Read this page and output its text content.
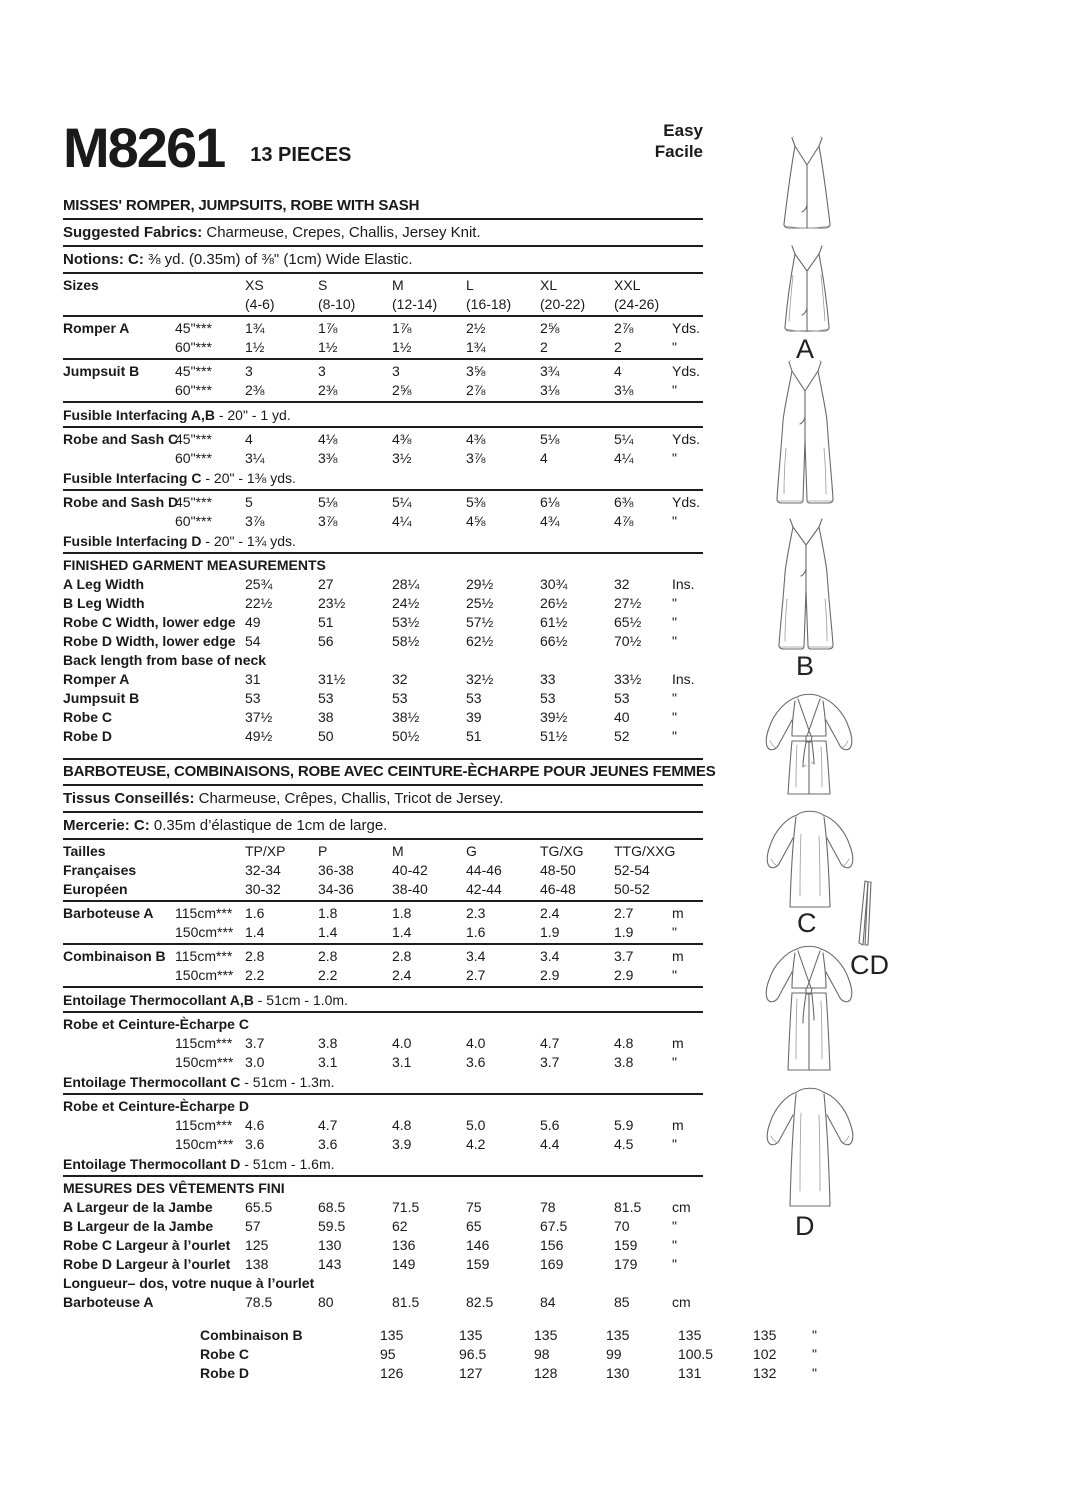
M8261 13 PIECES
Easy
Facile
MISSES' ROMPER, JUMPSUITS, ROBE WITH SASH
Suggested Fabrics: Charmeuse, Crepes, Challis, Jersey Knit.
Notions: C: ⅜ yd. (0.35m) of ⅜" (1cm) Wide Elastic.
Sizes	XS	S	M	L	XL	XXL
(4-6)	(8-10)	(12-14)	(16-18)	(20-22)	(24-26)
Romper A	45"***	1¾	1⅞	1⅞	2½	2⅝	2⅞	Yds.
60"***	1½	1½	1½	1¾	2	2	"
Jumpsuit B	45"***	3	3	3	3⅝	3¾	4	Yds.
60"***	2⅜	2⅜	2⅝	2⅞	3⅛	3⅛	"
Fusible Interfacing A,B - 20" - 1 yd.
Robe and Sash C
45"***	4	4⅛	4⅜	4⅜	5⅛	5¼	Yds.
60"***	3¼	3⅜	3½	3⅞	4	4¼	"
Fusible Interfacing C - 20" - 1⅜ yds.
Robe and Sash D
45"***	5	5⅛	5¼	5⅜	6⅛	6⅜	Yds.
60"***	3⅞	3⅞	4¼	4⅝	4¾	4⅞	"
Fusible Interfacing D - 20" - 1¾ yds.
FINISHED GARMENT MEASUREMENTS
A Leg Width	25¾	27	28¼	29½	30¾	32	Ins.
B Leg Width	22½	23½	24½	25½	26½	27½	"
Robe C Width, lower edge 49	51	53½	57½	61½	65½	"
Robe D Width, lower edge 54	56	58½	62½	66½	70½	"
Back length from base of neck
Romper A	31	31½	32	32½	33	33½	Ins.
Jumpsuit B	53	53	53	53	53	53	"
Robe C	37½	38	38½	39	39½	40	"
Robe D	49½	50	50½	51	51½	52	"
BARBOTEUSE, COMBINAISONS, ROBE AVEC CEINTURE-ÈCHARPE POUR JEUNES FEMMES
Tissus Conseillés: Charmeuse, Crêpes, Challis, Tricot de Jersey.
Mercerie: C: 0.35m d’élastique de 1cm de large.
Tailles	TP/XP	P	M	G	TG/XG	TTG/XXG
Françaises	32-34	36-38	40-42	44-46	48-50	52-54
Européen	30-32	34-36	38-40	42-44	46-48	50-52
Barboteuse A	115cm*** 1.6	1.8	1.8	2.3	2.4	2.7	m
150cm*** 1.4	1.4	1.4	1.6	1.9	1.9	"
Combinaison B 115cm*** 2.8	2.8	2.8	3.4	3.4	3.7	m
150cm*** 2.2	2.2	2.4	2.7	2.9	2.9	"
Entoilage Thermocollant A,B - 51cm - 1.0m.
Robe et Ceinture-Ècharpe C
115cm*** 3.7	3.8	4.0	4.0	4.7	4.8	m
150cm*** 3.0	3.1	3.1	3.6	3.7	3.8	"
Entoilage Thermocollant C - 51cm - 1.3m.
Robe et Ceinture-Ècharpe D
115cm*** 4.6	4.7	4.8	5.0	5.6	5.9	m
150cm*** 3.6	3.6	3.9	4.2	4.4	4.5	"
Entoilage Thermocollant D - 51cm - 1.6m.
MESURES DES VÊTEMENTS FINI
A Largeur de la Jambe	65.5	68.5	71.5	75	78	81.5	cm
B Largeur de la Jambe	57	59.5	62	65	67.5	70	"
Robe C Largeur à l’ourlet	125	130	136	146	156	159	"
Robe D Largeur à l’ourlet	138	143	149	159	169	179	"
Longueur– dos, votre nuque à l’ourlet
Barboteuse A	78.5	80	81.5	82.5	84	85	cm
Combinaison B	135	135	135	135	135	135	"
Robe C	95	96.5	98	99	100.5	102	"
Robe D	126	127	128	130	131	132	"
A
B
C
CD
D
